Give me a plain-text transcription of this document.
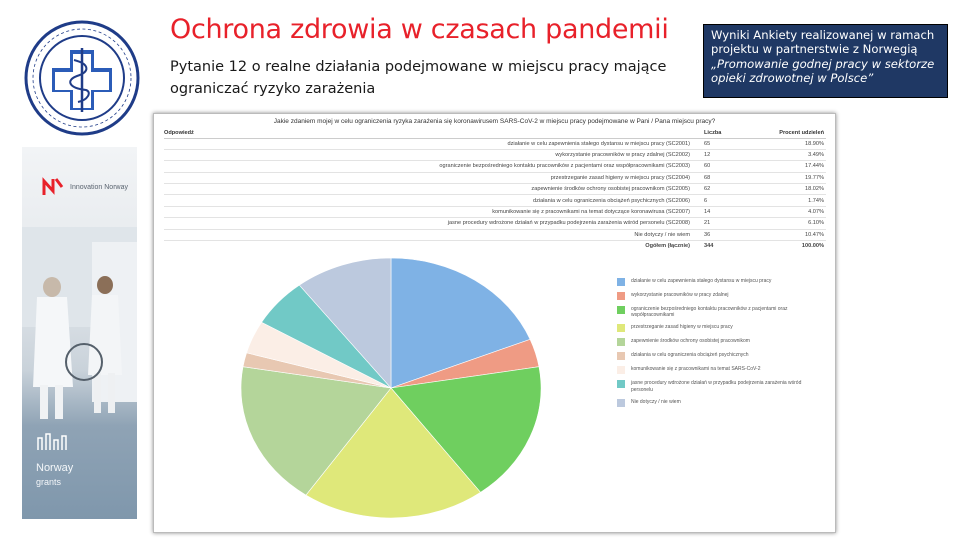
Ochrona zdrowia w czasach pandemii
Pytanie 12 o realne działania podejmowane w miejscu pracy mające ograniczać ryzyko zarażenia
Wyniki Ankiety realizowanej w ramach projektu w partnerstwie z Norwegią „Promowanie godnej pracy w sektorze opieki zdrowotnej w Polsce”
Innovation Norway
Norway
grants
Jakie zdaniem mojej w celu ograniczenia ryzyka zarażenia się koronawirusem SARS-CoV-2 w miejscu pracy podejmowane w Pani / Pana miejscu pracy?
Odpowiedź	Liczba	Procent udzieleń
działanie w celu zapewnienia stałego dystansu w miejscu pracy (SC2001)	65	18.90%
wykorzystanie pracowników w pracy zdalnej (SC2002)	12	3.49%
ograniczenie bezpośredniego kontaktu pracowników z pacjentami oraz współpracownikami (SC2003)	60	17.44%
przestrzeganie zasad higieny w miejscu pracy (SC2004)	68	19.77%
zapewnienie środków ochrony osobistej pracownikom (SC2005)	62	18.02%
działania w celu ograniczenia obciążeń psychicznych (SC2006)	6	1.74%
komunikowanie się z pracownikami na temat dotyczące koronawirusa (SC2007)	14	4.07%
jasne procedury wdrożone działań w przypadku podejrzenia zarażenia wśród personelu (SC2008)	21	6.10%
Nie dotyczy / nie wiem	36	10.47%
Ogółem (łącznie)	344	100.00%
działanie w celu zapewnienia stałego dystansu w miejscu pracy
wykorzystanie pracowników w pracy zdalnej
ograniczenie bezpośredniego kontaktu pracowników z pacjentami oraz współpracownikami
przestrzeganie zasad higieny w miejscu pracy
zapewnienie środków ochrony osobistej pracownikom
działania w celu ograniczenia obciążeń psychicznych
komunikowanie się z pracownikami na temat SARS-CoV-2
jasne procedury wdrożone działań w przypadku podejrzenia zarażenia wśród personelu
Nie dotyczy / nie wiem
